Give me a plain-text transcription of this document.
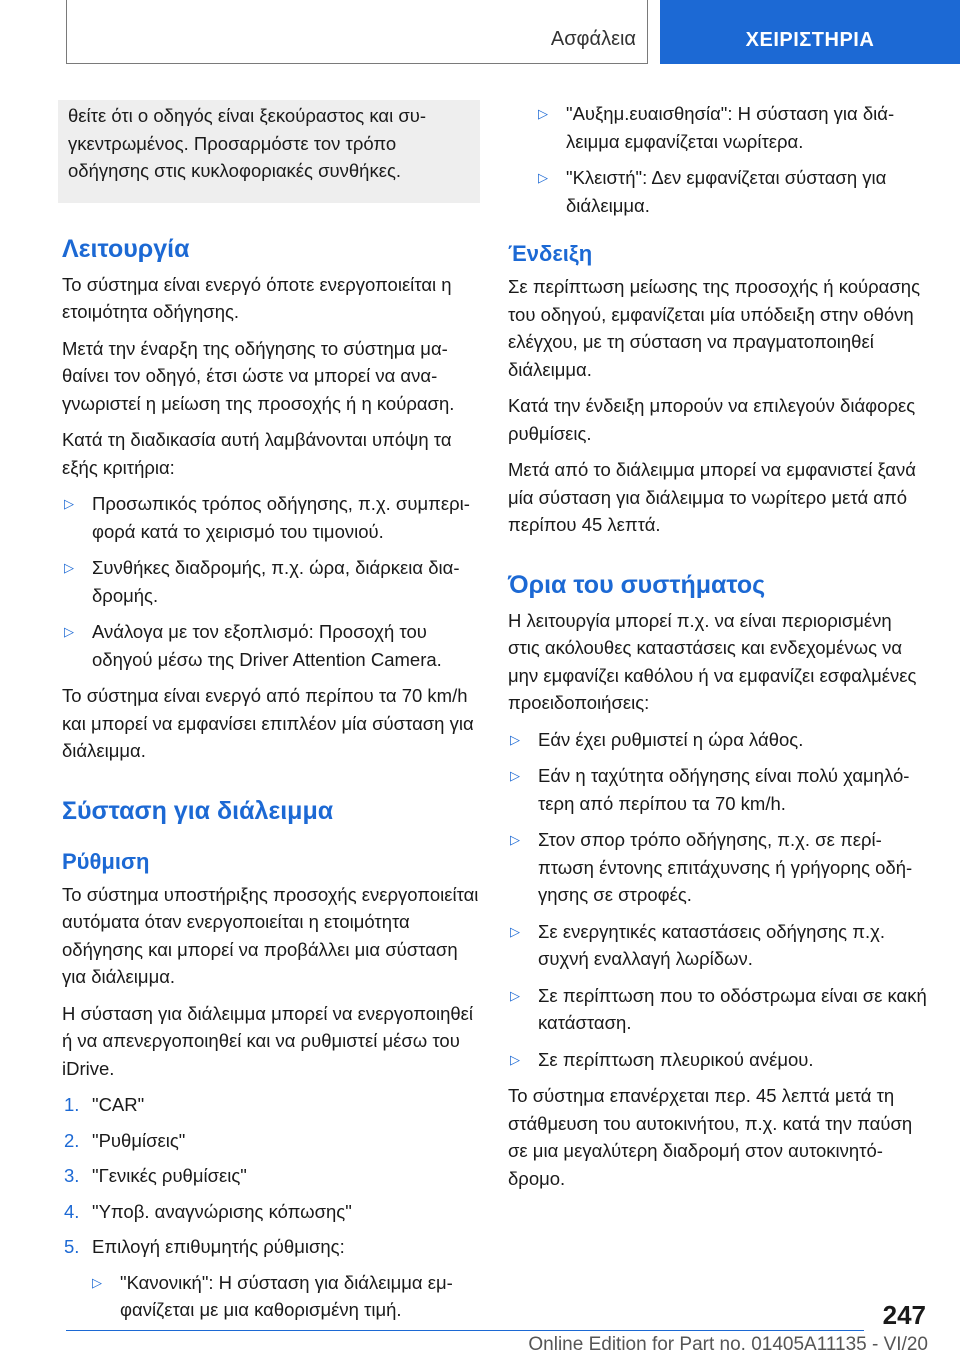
Ασφάλεια	ΧΕΙΡΙΣΤΗΡΙΑ
θείτε ότι ο οδηγός είναι ξεκούραστος και συγκεντρωμένος. Προσαρμόστε τον τρόπο οδήγησης στις κυκλοφοριακές συνθήκες.
Λειτουργία

Το σύστημα είναι ενεργό όποτε ενεργοποιείται η ετοιμότητα οδήγησης.

Μετά την έναρξη της οδήγησης το σύστημα μαθαίνει τον οδηγό, έτσι ώστε να μπορεί να αναγνωριστεί η μείωση της προσοχής ή η κούραση.

Κατά τη διαδικασία αυτή λαμβάνονται υπόψη τα εξής κριτήρια:

▷ Προσωπικός τρόπος οδήγησης, π.χ. συμπεριφορά κατά το χειρισμό του τιμονιού.
▷ Συνθήκες διαδρομής, π.χ. ώρα, διάρκεια διαδρομής.
▷ Ανάλογα με τον εξοπλισμό: Προσοχή του οδηγού μέσω της Driver Attention Camera.

Το σύστημα είναι ενεργό από περίπου τα 70 km/h και μπορεί να εμφανίσει επιπλέον μία σύσταση για διάλειμμα.

Σύσταση για διάλειμμα
Ρύθμιση

Το σύστημα υποστήριξης προσοχής ενεργοποιείται αυτόματα όταν ενεργοποιείται η ετοιμότητα οδήγησης και μπορεί να προβάλλει μια σύσταση για διάλειμμα.

Η σύσταση για διάλειμμα μπορεί να ενεργοποιηθεί ή να απενεργοποιηθεί και να ρυθμιστεί μέσω του iDrive.

1. "CAR"
2. "Ρυθμίσεις"
3. "Γενικές ρυθμίσεις"
4. "Υποβ. αναγνώρισης κόπωσης"
5. Επιλογή επιθυμητής ρύθμισης:
▷ "Κανονική": Η σύσταση για διάλειμμα εμφανίζεται με μια καθορισμένη τιμή.
▷ "Αυξημ.ευαισθησία": Η σύσταση για διάλειμμα εμφανίζεται νωρίτερα.
▷ "Κλειστή": Δεν εμφανίζεται σύσταση για διάλειμμα.
Ένδειξη

Σε περίπτωση μείωσης της προσοχής ή κούρασης του οδηγού, εμφανίζεται μία υπόδειξη στην οθόνη ελέγχου, με τη σύσταση να πραγματοποιηθεί διάλειμμα.

Κατά την ένδειξη μπορούν να επιλεγούν διάφορες ρυθμίσεις.

Μετά από το διάλειμμα μπορεί να εμφανιστεί ξανά μία σύσταση για διάλειμμα το νωρίτερο μετά από περίπου 45 λεπτά.

Όρια του συστήματος

Η λειτουργία μπορεί π.χ. να είναι περιορισμένη στις ακόλουθες καταστάσεις και ενδεχομένως να μην εμφανίζει καθόλου ή να εμφανίζει εσφαλμένες προειδοποιήσεις:

▷ Εάν έχει ρυθμιστεί η ώρα λάθος.
▷ Εάν η ταχύτητα οδήγησης είναι πολύ χαμηλότερη από περίπου τα 70 km/h.
▷ Στον σπορ τρόπο οδήγησης, π.χ. σε περίπτωση έντονης επιτάχυνσης ή γρήγορης οδήγησης σε στροφές.
▷ Σε ενεργητικές καταστάσεις οδήγησης π.χ. συχνή εναλλαγή λωρίδων.
▷ Σε περίπτωση που το οδόστρωμα είναι σε κακή κατάσταση.
▷ Σε περίπτωση πλευρικού ανέμου.

Το σύστημα επανέρχεται περ. 45 λεπτά μετά τη στάθμευση του αυτοκινήτου, π.χ. κατά την παύση σε μια μεγαλύτερη διαδρομή στον αυτοκινητόδρομο.

247
Online Edition for Part no. 01405A11135 - VI/20
